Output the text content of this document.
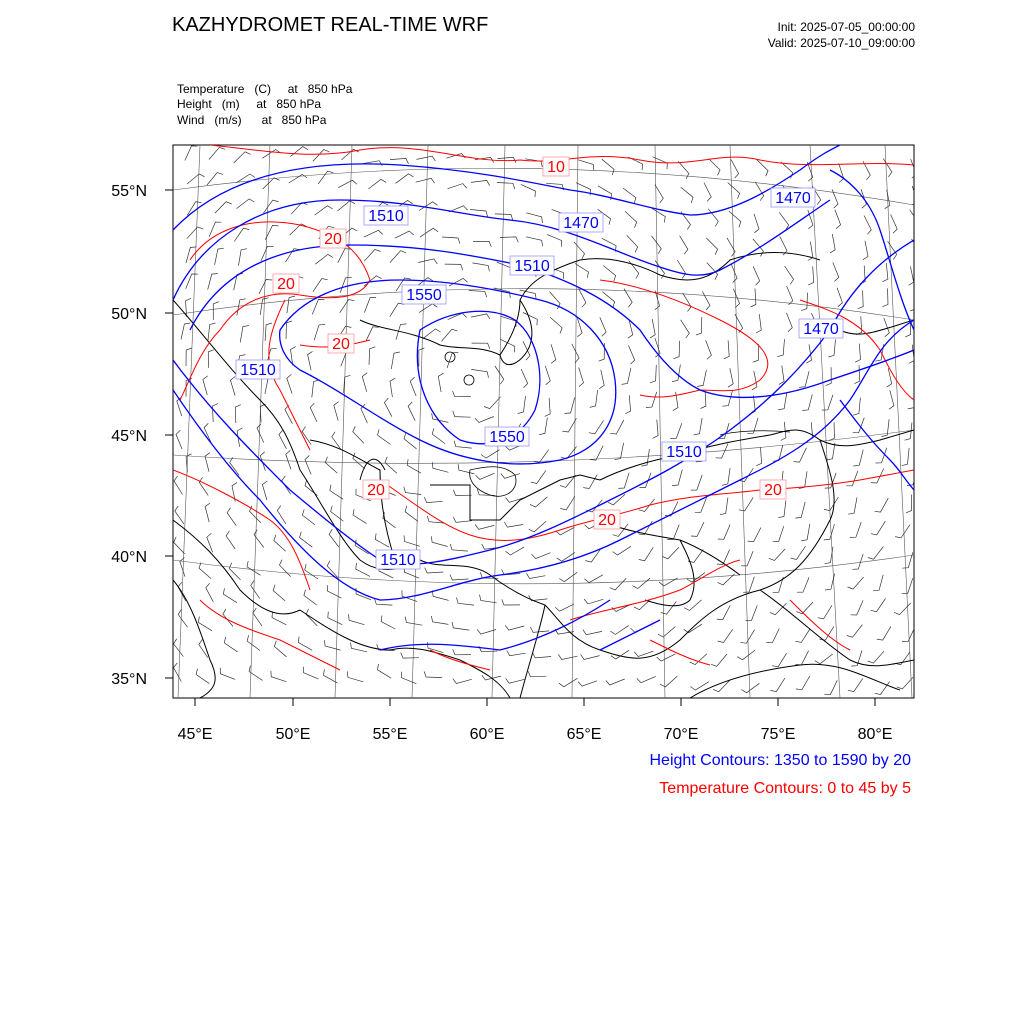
KAZHYDROMET REAL-TIME WRF	Init: 2025-07-05_00:00:00
Valid: 2025-07-10_09:00:00
Temperature   (C)     at   850 hPa
Height   (m)     at   850 hPa
Wind   (m/s)      at   850 hPa
1510	1470
1510
1550
1470
1510
1510
1550
1510
1470
10
20
20
20
20
20
20
55°N
50°N
45°N
40°N
35°N
45°E	50°E	55°E	60°E	65°E	70°E	75°E	80°E
Height Contours: 1350 to 1590 by 20
Temperature Contours: 0 to 45 by 5
